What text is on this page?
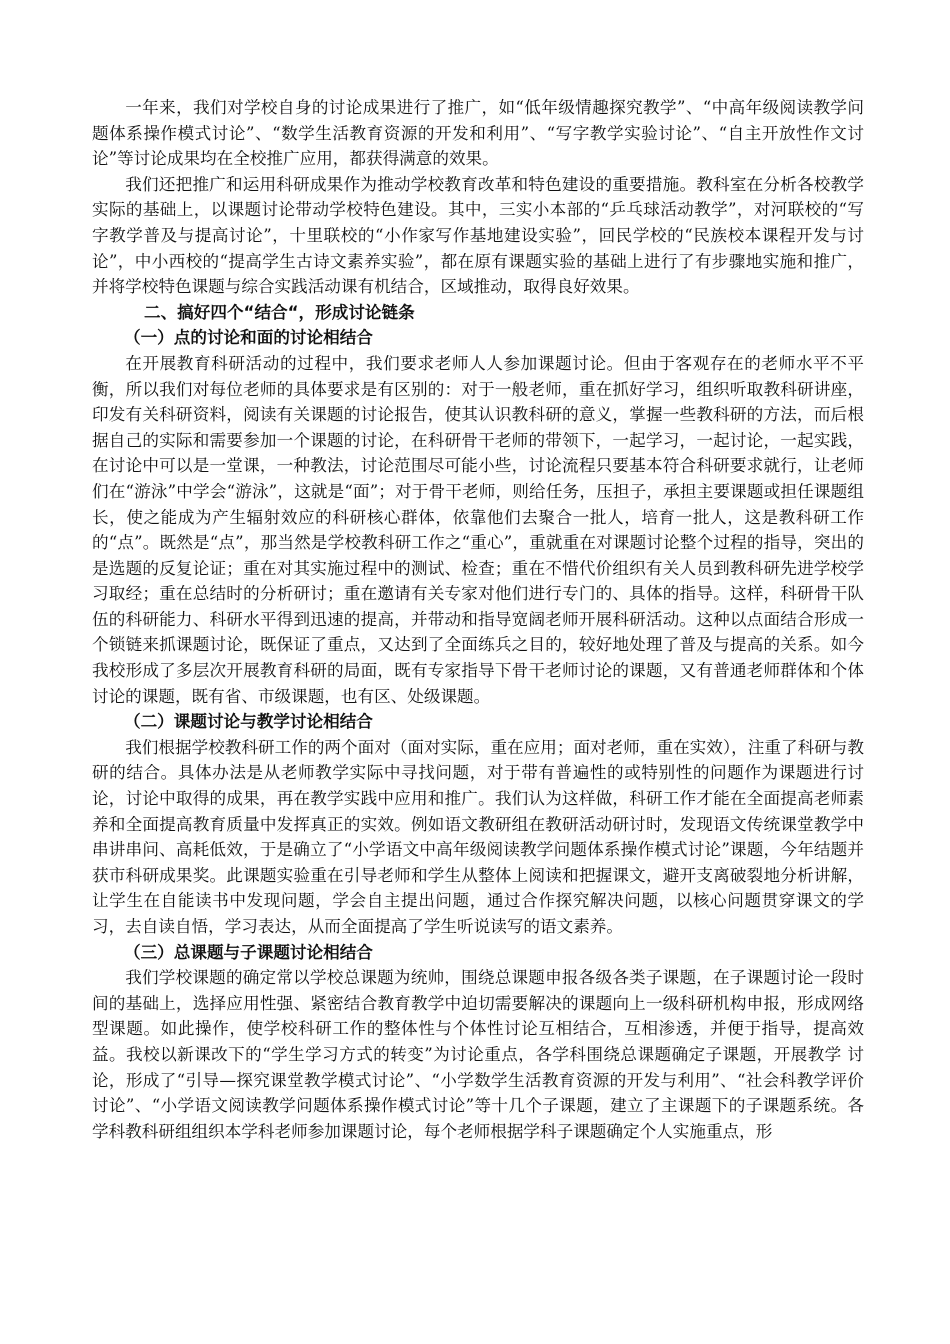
一年来，我们对学校自身的讨论成果进行了推广，如“低年级情趣探究教学”、“中高年级阅读教学问题体系操作模式讨论”、“数学生活教育资源的开发和利用”、“写字教学实验讨论”、“自主开放性作文讨论”等讨论成果均在全校推广应用，都获得满意的效果。

我们还把推广和运用科研成果作为推动学校教育改革和特色建设的重要措施。教科室在分析各校教学实际的基础上，以课题讨论带动学校特色建设。其中，三实小本部的“乒乓球活动教学”，对河联校的“写字教学普及与提高讨论”，十里联校的“小作家写作基地建设实验”，回民学校的“民族校本课程开发与讨论”，中小西校的“提高学生古诗文素养实验”，都在原有课题实验的基础上进行了有步骤地实施和推广，并将学校特色课题与综合实践活动课有机结合，区域推动，取得良好效果。

二、搞好四个“结合“，形成讨论链条

（一）点的讨论和面的讨论相结合

在开展教育科研活动的过程中，我们要求老师人人参加课题讨论。但由于客观存在的老师水平不平衡，所以我们对每位老师的具体要求是有区别的：对于一般老师，重在抓好学习，组织听取教科研讲座，印发有关科研资料，阅读有关课题的讨论报告，使其认识教科研的意义，掌握一些教科研的方法，而后根据自己的实际和需要参加一个课题的讨论，在科研骨干老师的带领下，一起学习，一起讨论，一起实践，在讨论中可以是一堂课，一种教法，讨论范围尽可能小些，讨论流程只要基本符合科研要求就行，让老师们在“游泳”中学会“游泳”，这就是“面”；对于骨干老师，则给任务，压担子，承担主要课题或担任课题组长，使之能成为产生辐射效应的科研核心群体，依靠他们去聚合一批人，培育一批人，这是教科研工作的“点”。既然是“点”，那当然是学校教科研工作之“重心”，重就重在对课题讨论整个过程的指导，突出的是选题的反复论证；重在对其实施过程中的测试、检查；重在不惜代价组织有关人员到教科研先进学校学习取经；重在总结时的分析研讨；重在邀请有关专家对他们进行专门的、具体的指导。这样，科研骨干队伍的科研能力、科研水平得到迅速的提高，并带动和指导宽阔老师开展科研活动。这种以点面结合形成一个锁链来抓课题讨论，既保证了重点，又达到了全面练兵之目的，较好地处理了普及与提高的关系。如今我校形成了多层次开展教育科研的局面，既有专家指导下骨干老师讨论的课题，又有普通老师群体和个体讨论的课题，既有省、市级课题，也有区、处级课题。

（二）课题讨论与教学讨论相结合

我们根据学校教科研工作的两个面对（面对实际，重在应用；面对老师，重在实效），注重了科研与教研的结合。具体办法是从老师教学实际中寻找问题，对于带有普遍性的或特别性的问题作为课题进行讨论，讨论中取得的成果，再在教学实践中应用和推广。我们认为这样做，科研工作才能在全面提高老师素养和全面提高教育质量中发挥真正的实效。例如语文教研组在教研活动研讨时，发现语文传统课堂教学中串讲串问、高耗低效，于是确立了“小学语文中高年级阅读教学问题体系操作模式讨论”课题，今年结题并获市科研成果奖。此课题实验重在引导老师和学生从整体上阅读和把握课文，避开支离破裂地分析讲解，让学生在自能读书中发现问题，学会自主提出问题，通过合作探究解决问题，以核心问题贯穿课文的学习，去自读自悟，学习表达，从而全面提高了学生听说读写的语文素养。

（三）总课题与子课题讨论相结合

我们学校课题的确定常以学校总课题为统帅，围绕总课题申报各级各类子课题，在子课题讨论一段时间的基础上，选择应用性强、紧密结合教育教学中迫切需要解决的课题向上一级科研机构申报，形成网络型课题。如此操作，使学校科研工作的整体性与个体性讨论互相结合，互相渗透，并便于指导，提高效益。我校以新课改下的“学生学习方式的转变”为讨论重点，各学科围绕总课题确定子课题，开展教学 讨论，形成了“引导—探究课堂教学模式讨论”、“小学数学生活教育资源的开发与利用”、“社会科教学评价讨论”、“小学语文阅读教学问题体系操作模式讨论”等十几个子课题，建立了主课题下的子课题系统。各学科教科研组组织本学科老师参加课题讨论，每个老师根据学科子课题确定个人实施重点，形
